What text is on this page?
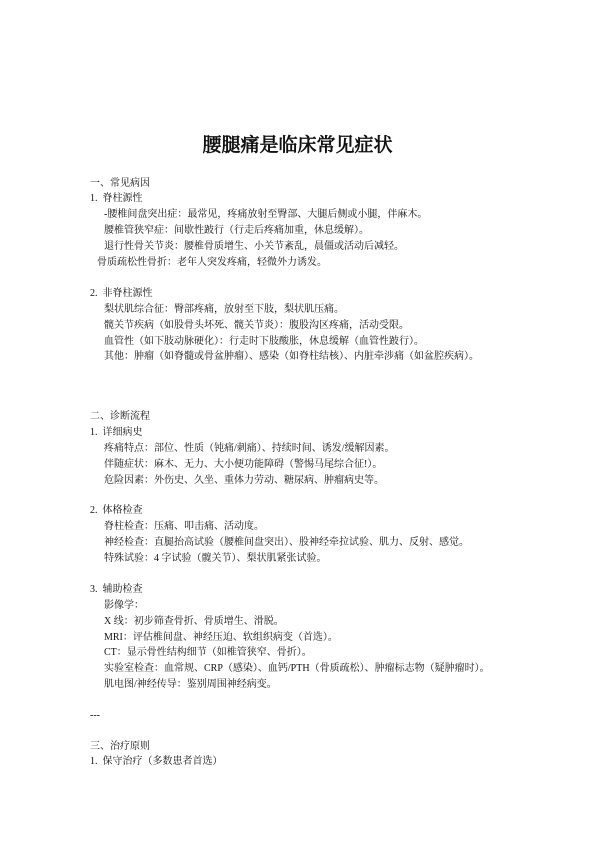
腰腿痛是临床常见症状
一、常见病因
1. 脊柱源性
-腰椎间盘突出症：最常见，疼痛放射至臀部、大腿后侧或小腿，伴麻木。
腰椎管狭窄症：间歇性跛行（行走后疼痛加重，休息缓解）。
退行性骨关节炎：腰椎骨质增生、小关节紊乱，晨僵或活动后减轻。
骨质疏松性骨折：老年人突发疼痛，轻微外力诱发。
2. 非脊柱源性
梨状肌综合征：臀部疼痛，放射至下肢，梨状肌压痛。
髋关节疾病（如股骨头坏死、髋关节炎）：腹股沟区疼痛，活动受限。
血管性（如下肢动脉硬化）：行走时下肢酸胀，休息缓解（血管性跛行）。
其他：肿瘤（如脊髓或骨盆肿瘤）、感染（如脊柱结核）、内脏牵涉痛（如盆腔疾病）。
二、诊断流程
1. 详细病史
疼痛特点：部位、性质（钝痛/刺痛）、持续时间、诱发/缓解因素。
伴随症状：麻木、无力、大小便功能障碍（警惕马尾综合征!）。
危险因素：外伤史、久坐、重体力劳动、糖尿病、肿瘤病史等。
2. 体格检查
脊柱检查：压痛、叩击痛、活动度。
神经检查：直腿抬高试验（腰椎间盘突出）、股神经牵拉试验、肌力、反射、感觉。
特殊试验：4 字试验（髋关节）、梨状肌紧张试验。
3. 辅助检查
影像学：
X 线：初步筛查骨折、骨质增生、滑脱。
MRI：评估椎间盘、神经压迫、软组织病变（首选）。
CT：显示骨性结构细节（如椎管狭窄、骨折）。
实验室检查：血常规、CRP（感染）、血钙/PTH（骨质疏松）、肿瘤标志物（疑肿瘤时）。
肌电图/神经传导：鉴别周围神经病变。
---
三、治疗原则
1. 保守治疗（多数患者首选）
